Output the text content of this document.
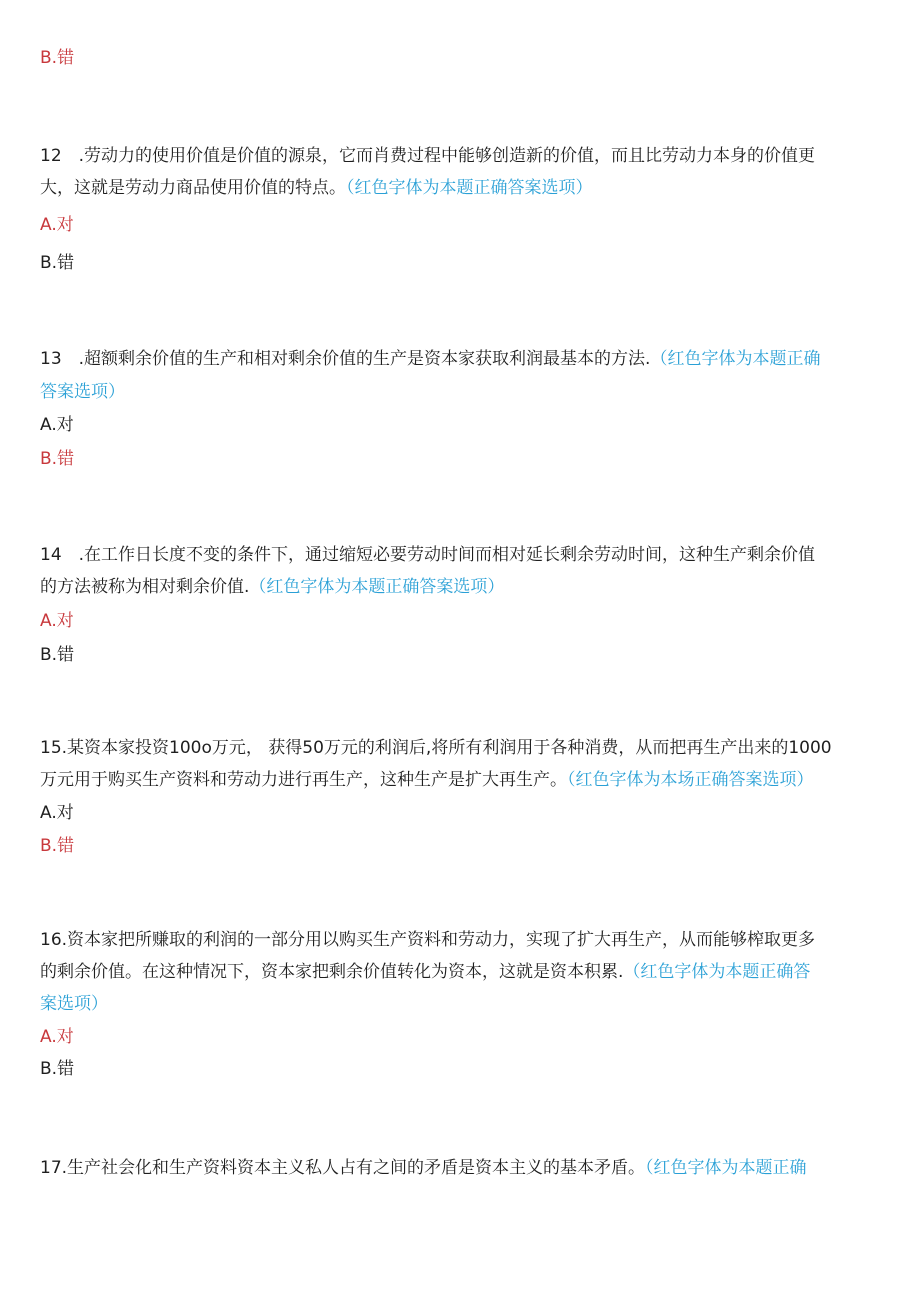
B.错
12　.劳动力的使用价值是价值的源泉，它而肖费过程中能够创造新的价值，而且比劳动力本身的价值更
大，这就是劳动力商品使用价值的特点。（红色字体为本题正确答案选项）
A.对
B.错
13　 .超额剩余价值的生产和相对剩余价值的生产是资本家获取利润最基本的方法.（红色字体为本题正确
答案选项）
A.对
B.错
14　.在工作日长度不变的条件下，通过缩短必要劳动时间而相对延长剩余劳动时间，这种生产剩余价值
的方法被称为相对剩余价值.（红色字体为本题正确答案选项）
A.对
B.错
15.某资本家投资100o万元， 获得50万元的利润后,将所有利润用于各种消费，从而把再生产出来的1000
万元用于购买生产资料和劳动力进行再生产，这种生产是扩大再生产。（红色字体为本场正确答案选项）
A.对
B.错
16.资本家把所赚取的利润的一部分用以购买生产资料和劳动力，实现了扩大再生产，从而能够榨取更多
的剩余价值。在这种情况下，资本家把剩余价值转化为资本，这就是资本积累.（红色字体为本题正确答
案选项）
A.对
B.错
17.生产社会化和生产资料资本主义私人占有之间的矛盾是资本主义的基本矛盾。（红色字体为本题正确
